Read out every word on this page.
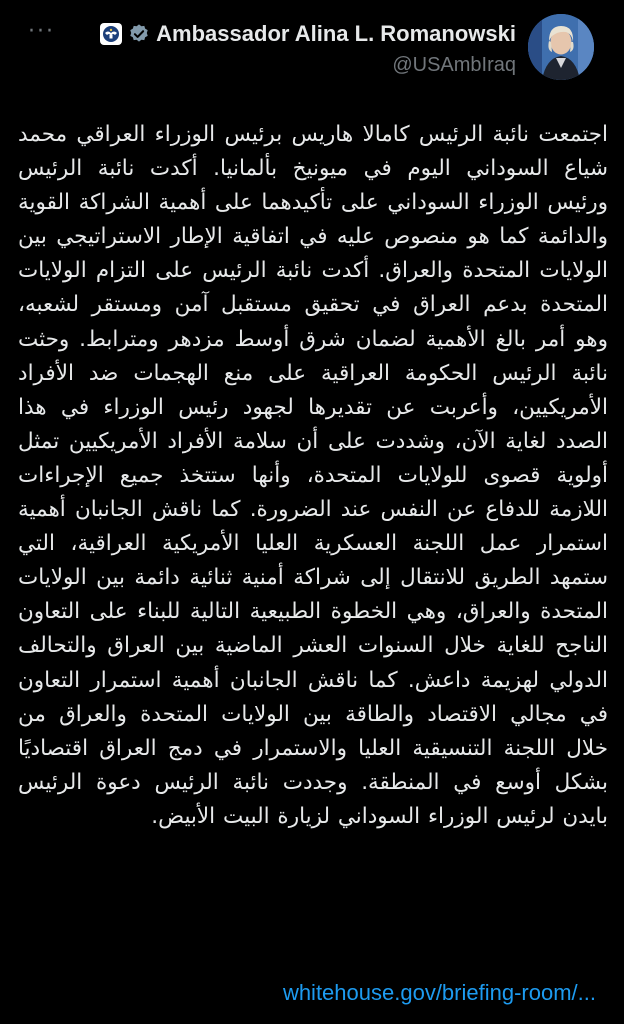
···	Ambassador Alina L. Romanowski
@USAmbIraq
اجتمعت نائبة الرئيس كامالا هاريس برئيس الوزراء العراقي محمد شياع السوداني اليوم في ميونيخ بألمانيا. أكدت نائبة الرئيس ورئيس الوزراء السوداني على تأكيدهما على أهمية الشراكة القوية والدائمة كما هو منصوص عليه في اتفاقية الإطار الاستراتيجي بين الولايات المتحدة والعراق. أكدت نائبة الرئيس على التزام الولايات المتحدة بدعم العراق في تحقيق مستقبل آمن ومستقر لشعبه، وهو أمر بالغ الأهمية لضمان شرق أوسط مزدهر ومترابط. وحثت نائبة الرئيس الحكومة العراقية على منع الهجمات ضد الأفراد الأمريكيين، وأعربت عن تقديرها لجهود رئيس الوزراء في هذا الصدد لغاية الآن، وشددت على أن سلامة الأفراد الأمريكيين تمثل أولوية قصوى للولايات المتحدة، وأنها ستتخذ جميع الإجراءات اللازمة للدفاع عن النفس عند الضرورة. كما ناقش الجانبان أهمية استمرار عمل اللجنة العسكرية العليا الأمريكية العراقية، التي ستمهد الطريق للانتقال إلى شراكة أمنية ثنائية دائمة بين الولايات المتحدة والعراق، وهي الخطوة الطبيعية التالية للبناء على التعاون الناجح للغاية خلال السنوات العشر الماضية بين العراق والتحالف الدولي لهزيمة داعش. كما ناقش الجانبان أهمية استمرار التعاون في مجالي الاقتصاد والطاقة بين الولايات المتحدة والعراق من خلال اللجنة التنسيقية العليا والاستمرار في دمج العراق اقتصاديًا بشكل أوسع في المنطقة. وجددت نائبة الرئيس دعوة الرئيس بايدن لرئيس الوزراء السوداني لزيارة البيت الأبيض.
whitehouse.gov/briefing-room/...
